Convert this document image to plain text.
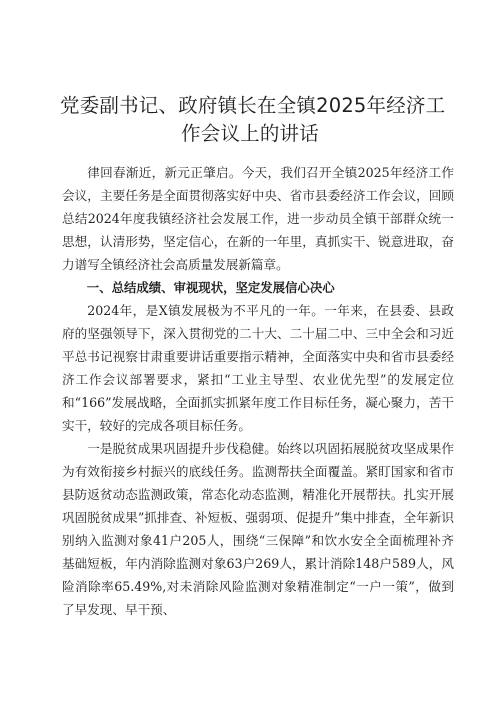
党委副书记、政府镇长在全镇2025年经济工
作会议上的讲话

律回春渐近，新元正肇启。今天，我们召开全镇2025年经济工作会议，主要任务是全面贯彻落实好中央、省市县委经济工作会议，回顾总结2024年度我镇经济社会发展工作，进一步动员全镇干部群众统一思想，认清形势，坚定信心，在新的一年里，真抓实干、锐意进取，奋力谱写全镇经济社会高质量发展新篇章。

一、总结成绩、审视现状，坚定发展信心决心

2024年，是X镇发展极为不平凡的一年。一年来，在县委、县政府的坚强领导下，深入贯彻党的二十大、二十届二中、三中全会和习近平总书记视察甘肃重要讲话重要指示精神，全面落实中央和省市县委经济工作会议部署要求，紧扣“工业主导型、农业优先型”的发展定位和“166”发展战略，全面抓实抓紧年度工作目标任务，凝心聚力，苦干实干，较好的完成各项目标任务。

一是脱贫成果巩固提升步伐稳健。始终以巩固拓展脱贫攻坚成果作为有效衔接乡村振兴的底线任务。监测帮扶全面覆盖。紧盯国家和省市县防返贫动态监测政策，常态化动态监测，精准化开展帮扶。扎实开展巩固脱贫成果”抓排查、补短板、强弱项、促提升”集中排查，全年新识别纳入监测对象41户205人，围绕“三保障”和饮水安全全面梳理补齐基础短板，年内消除监测对象63户269人，累计消除148户589人，风险消除率65.49%,对未消除风险监测对象精准制定“一户一策”，做到了早发现、早干预、
